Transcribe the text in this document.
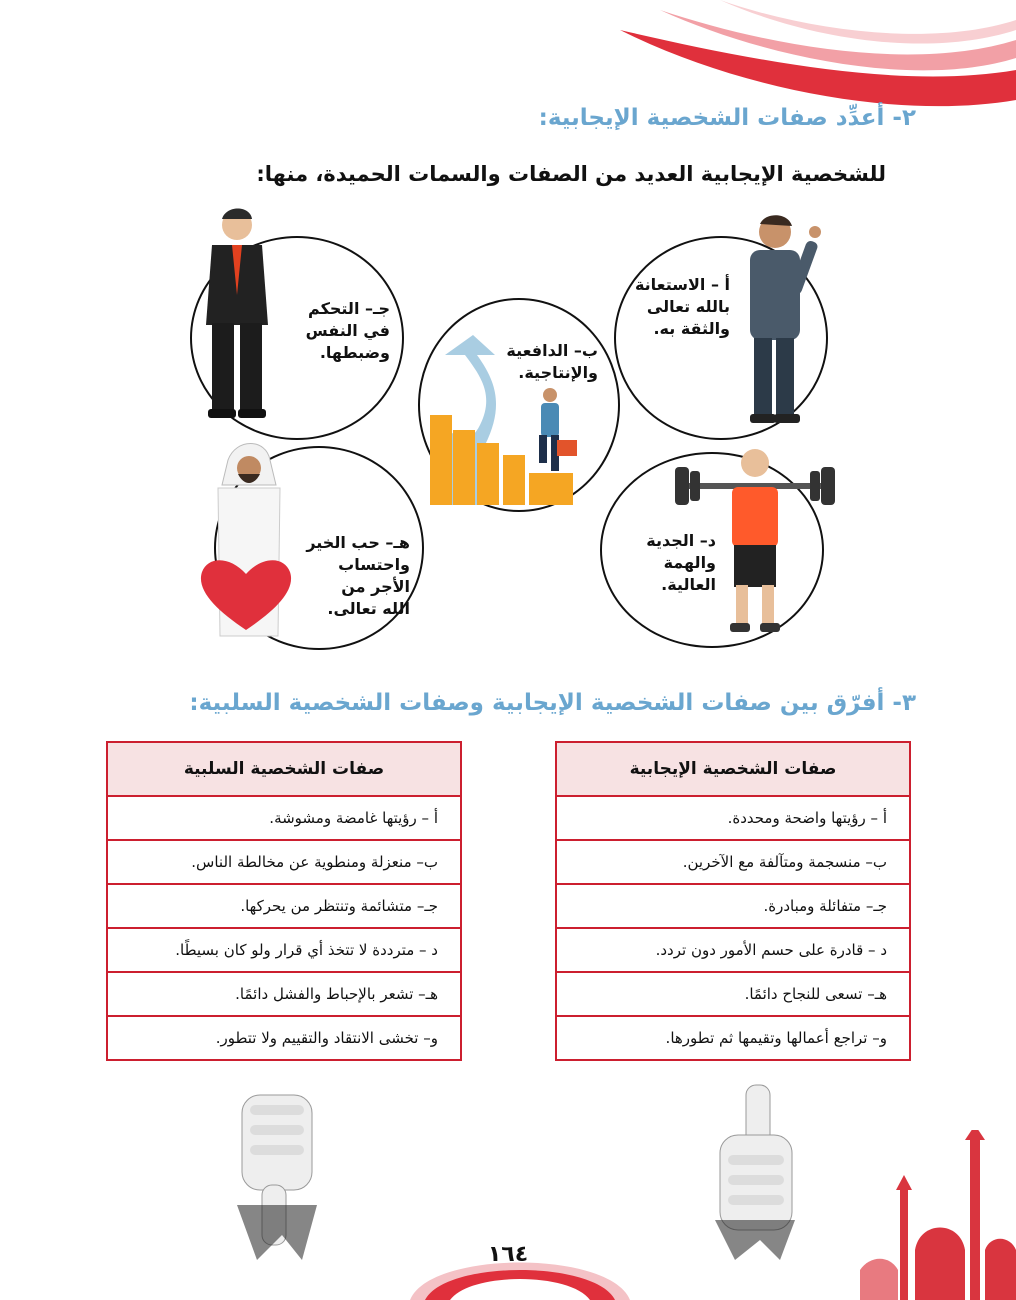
٢- أعدِّد صفات الشخصية الإيجابية:
للشخصية الإيجابية العديد من الصفات والسمات الحميدة، منها:
أ – الاستعانة
بالله تعالى
والثقة به.
ب– الدافعية
والإنتاجية.
جـ– التحكم
في النفس
وضبطها.
د– الجدية
والهمة
العالية.
هـ– حب الخير
واحتساب
الأجر من
الله تعالى.
٣- أفرّق بين صفات الشخصية الإيجابية وصفات الشخصية السلبية:
صفات الشخصية الإيجابية
أ – رؤيتها واضحة ومحددة.
ب– منسجمة ومتآلفة مع الآخرين.
جـ– متفائلة ومبادرة.
د – قادرة على حسم الأمور دون تردد.
هـ– تسعى للنجاح دائمًا.
و– تراجع أعمالها وتقيمها ثم تطورها.
صفات الشخصية السلبية
أ – رؤيتها غامضة ومشوشة.
ب– منعزلة ومنطوية عن مخالطة الناس.
جـ– متشائمة وتنتظر من يحركها.
د – مترددة لا تتخذ أي قرار ولو كان بسيطًا.
هـ– تشعر بالإحباط والفشل دائمًا.
و– تخشى الانتقاد والتقييم ولا تتطور.
١٦٤
